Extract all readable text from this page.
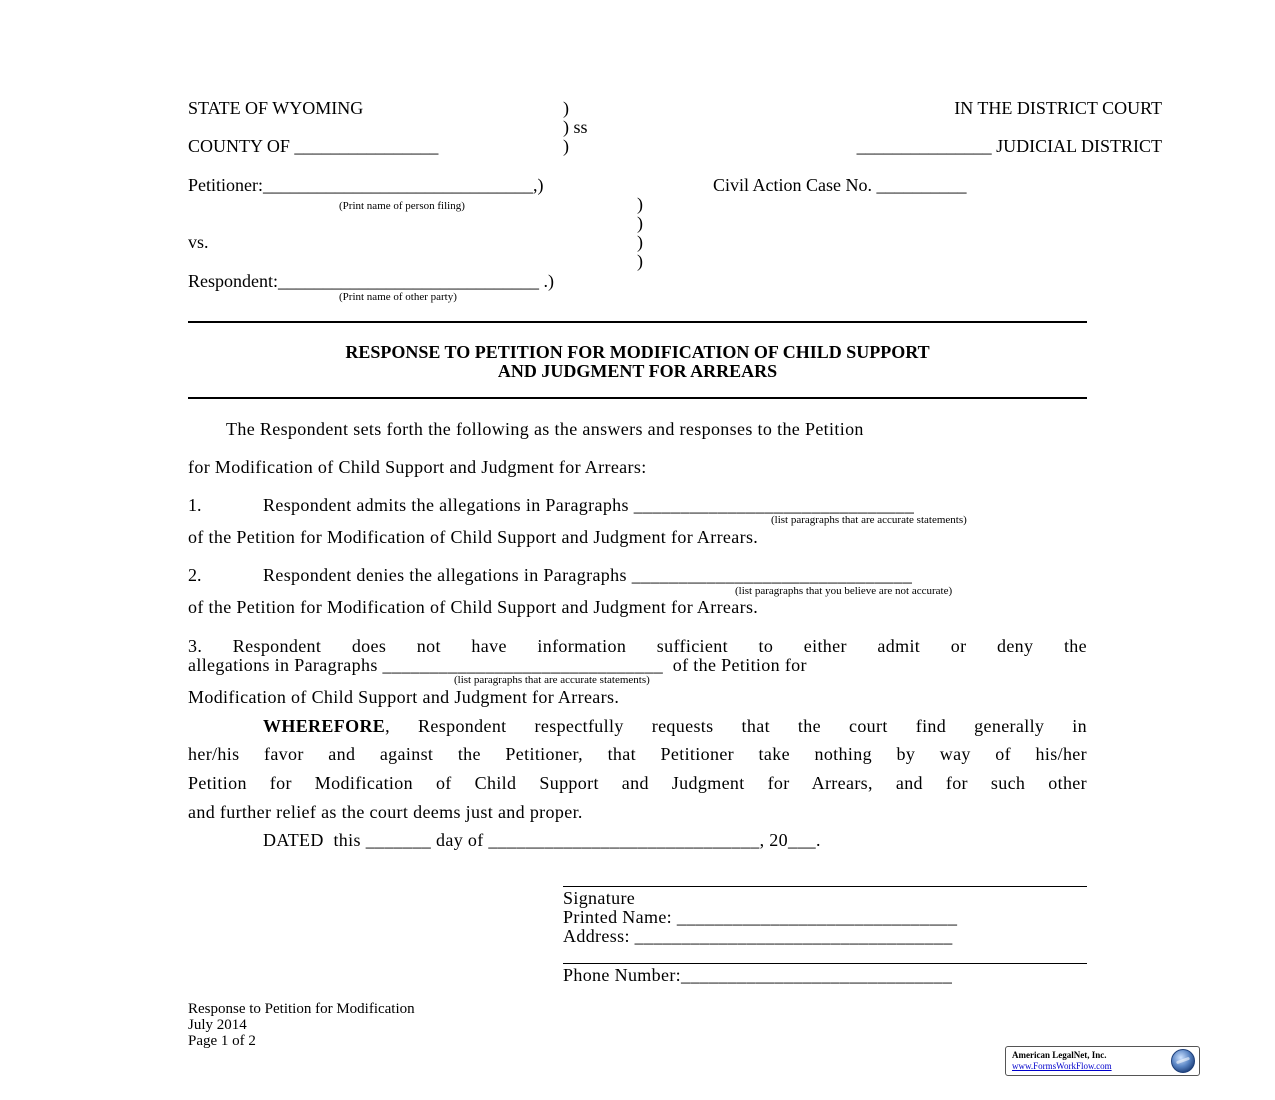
STATE OF WYOMING	)
) ss
)
IN THE DISTRICT COURT
COUNTY OF ________________	_______________ JUDICIAL DISTRICT
Petitioner:______________________________,)	Civil Action Case No. __________
(Print name of person filing)	)
)
vs.	)
)
Respondent:_____________________________ .)
(Print name of other party)
RESPONSE TO PETITION FOR MODIFICATION OF CHILD SUPPORT
AND JUDGMENT FOR ARREARS
The Respondent sets forth the following as the answers and responses to the Petition
for Modification of Child Support and Judgment for Arrears:
1.	Respondent admits the allegations in Paragraphs ______________________________
(list paragraphs that are accurate statements)
of the Petition for Modification of Child Support and Judgment for Arrears.
2.	Respondent denies the allegations in Paragraphs ______________________________
(list paragraphs that you believe are not accurate)
of the Petition for Modification of Child Support and Judgment for Arrears.
3. Respondent does not have information sufficient to either admit or deny the
allegations in Paragraphs ______________________________  of the Petition for
(list paragraphs that are accurate statements)
Modification of Child Support and Judgment for Arrears.
WHEREFORE, Respondent respectfully requests that the court find generally in
her/his favor and against the Petitioner, that Petitioner take nothing by way of his/her
Petition for Modification of Child Support and Judgment for Arrears, and for such other
and further relief as the court deems just and proper.
DATED  this _______ day of _____________________________, 20___.
Signature
Printed Name: ______________________________
Address: __________________________________
Phone Number:_____________________________
Response to Petition for Modification
July 2014
Page 1 of 2
American LegalNet, Inc.
www.FormsWorkFlow.com
